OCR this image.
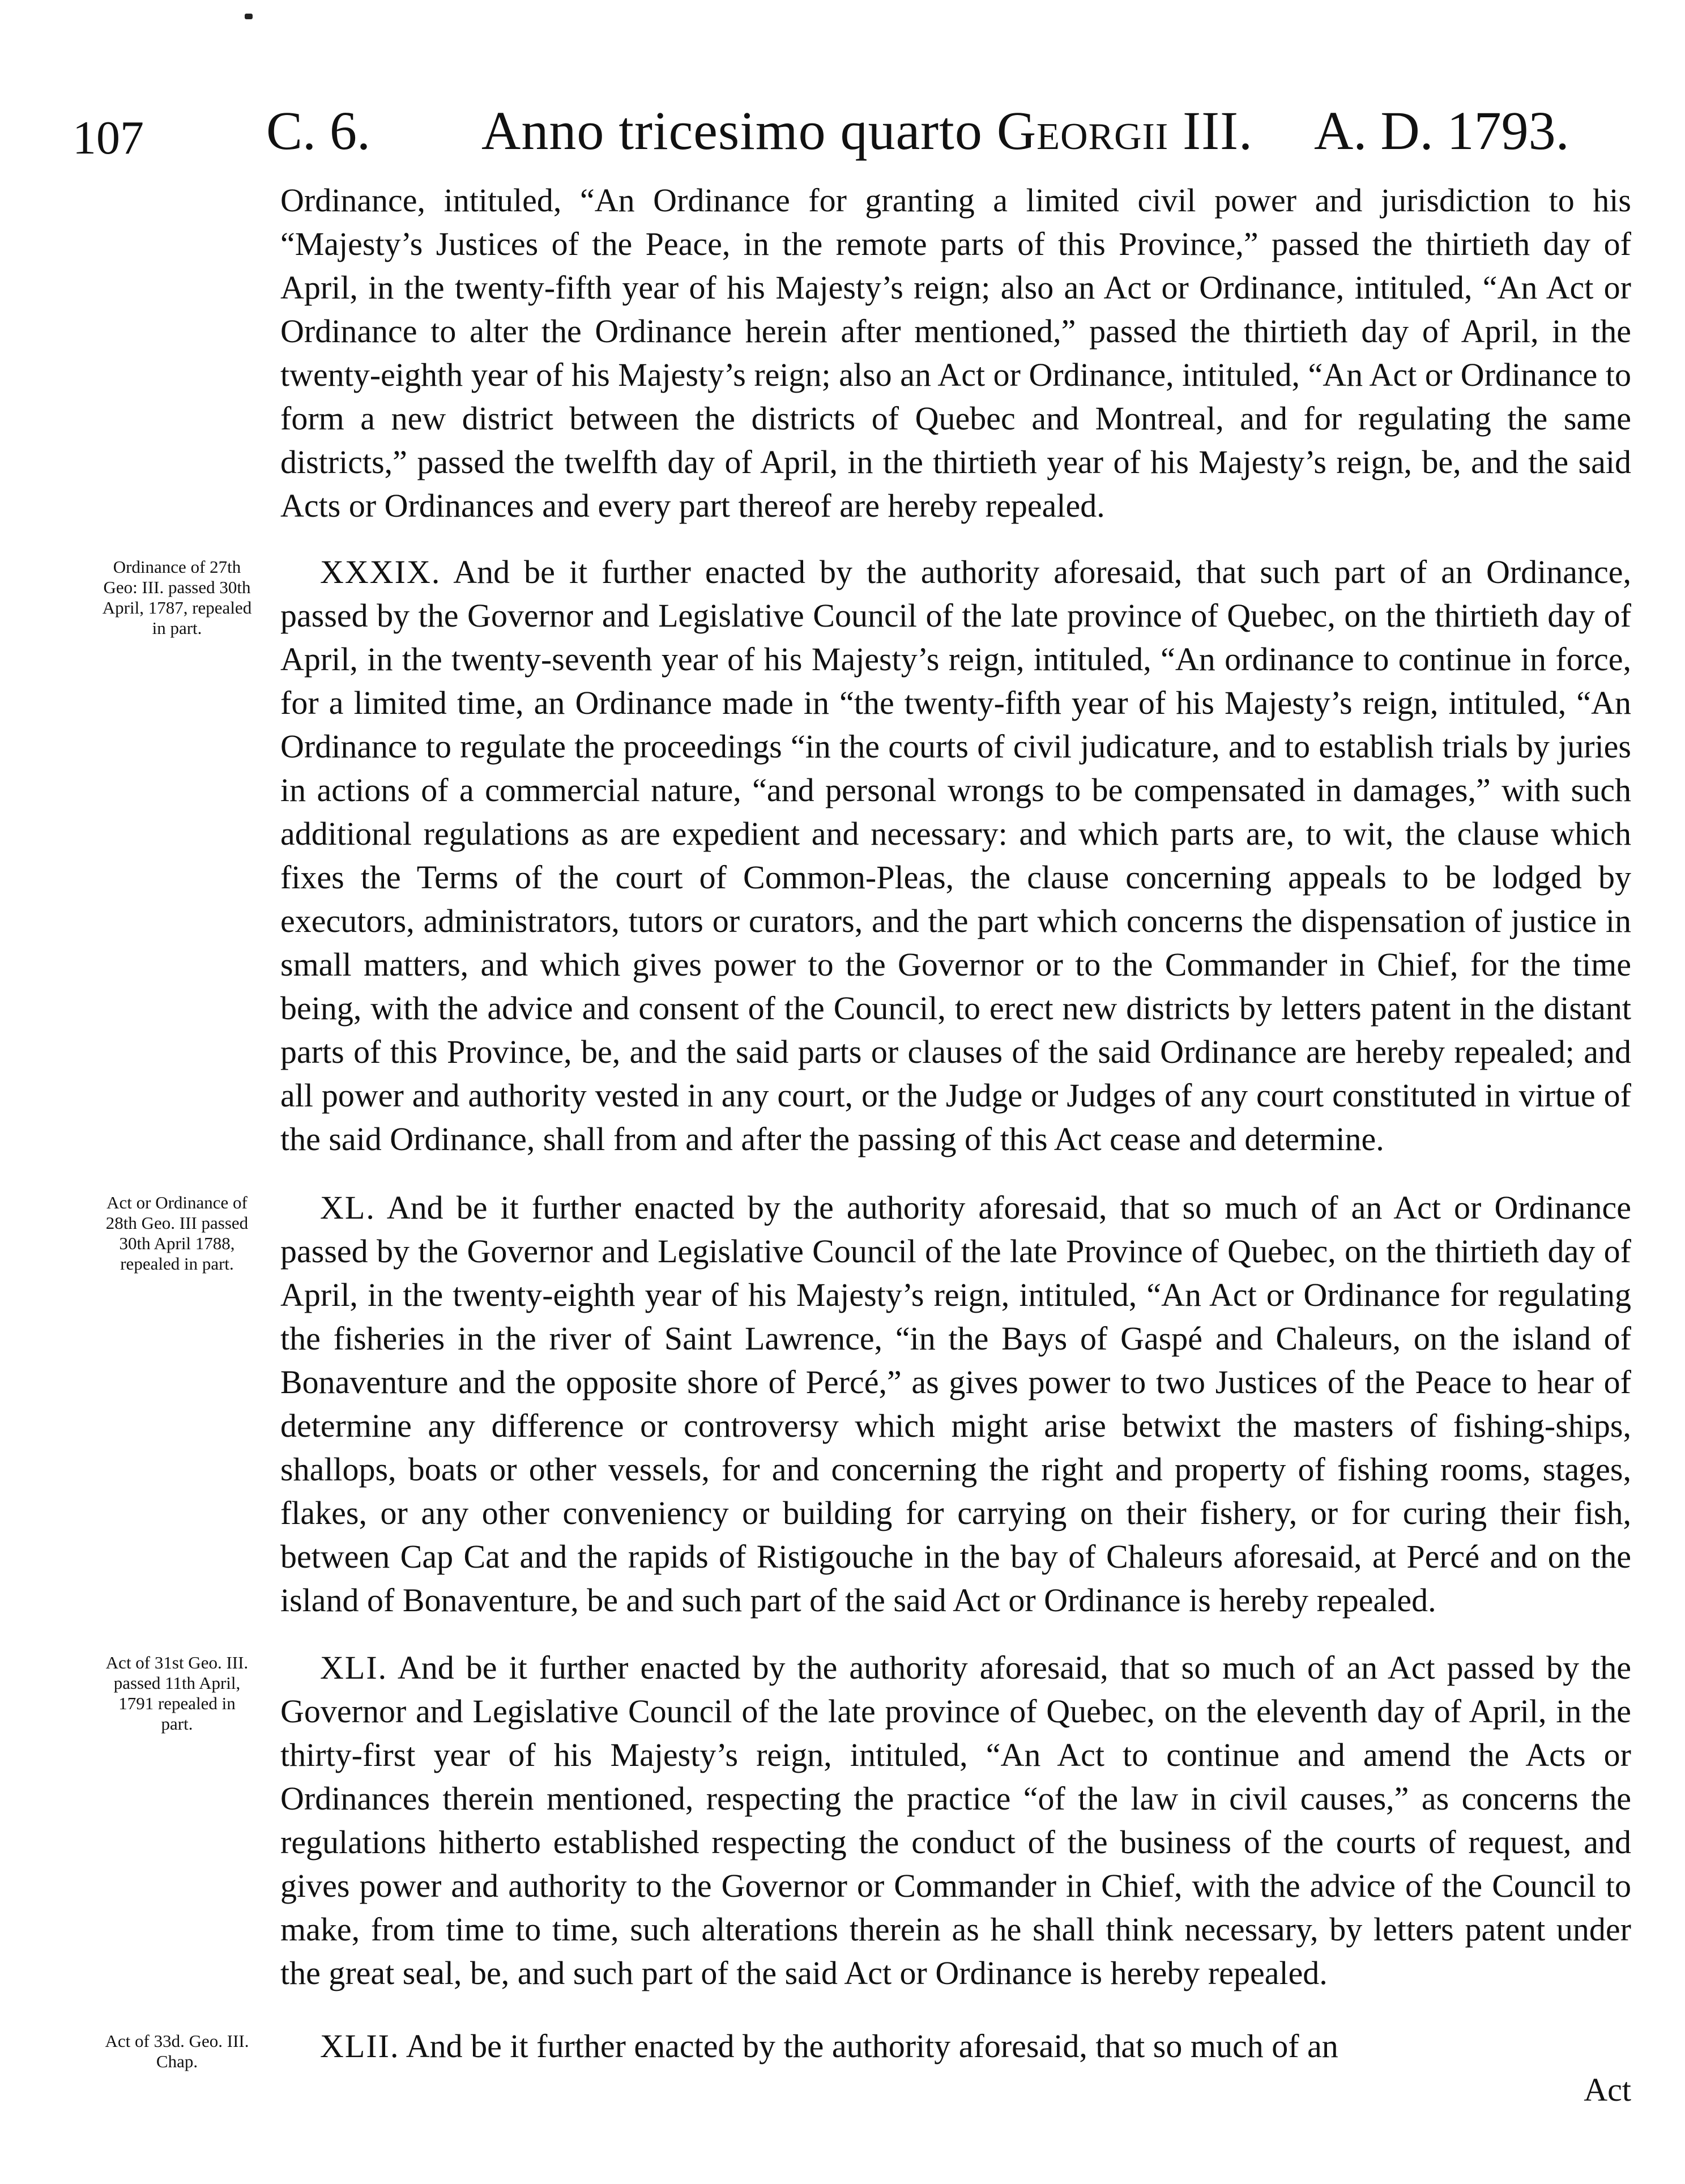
107 C. 6. Anno tricesimo quarto Georgii III. A. D. 1793.

Ordinance, intituled, “An Ordinance for granting a limited civil power and jurisdiction to his “Majesty’s Justices of the Peace, in the remote parts of this Province,” passed the thirtieth day of April, in the twenty-fifth year of his Majesty’s reign; also an Act or Ordinance, intituled, “An Act or Ordinance to alter the Ordinance herein after mentioned,” passed the thirtieth day of April, in the twenty-eighth year of his Majesty’s reign; also an Act or Ordinance, intituled, “An Act or Ordinance to form a new district between the districts of Quebec and Montreal, and for regulating the same districts,” passed the twelfth day of April, in the thirtieth year of his Majesty’s reign, be, and the said Acts or Ordinances and every part thereof are hereby repealed.

Ordinance of 27th Geo: III. passed 30th April, 1787, repealed in part.

XXXIX. And be it further enacted by the authority aforesaid, that such part of an Ordinance, passed by the Governor and Legislative Council of the late province of Quebec, on the thirtieth day of April, in the twenty-seventh year of his Majesty’s reign, intituled, “An ordinance to continue in force, for a limited time, an Ordinance made in “the twenty-fifth year of his Majesty’s reign, intituled, “An Ordinance to regulate the proceedings “in the courts of civil judicature, and to establish trials by juries in actions of a commercial nature, “and personal wrongs to be compensated in damages,” with such additional regulations as are expedient and necessary: and which parts are, to wit, the clause which fixes the Terms of the court of Common-Pleas, the clause concerning appeals to be lodged by executors, administrators, tutors or curators, and the part which concerns the dispensation of justice in small matters, and which gives power to the Governor or to the Commander in Chief, for the time being, with the advice and consent of the Council, to erect new districts by letters patent in the distant parts of this Province, be, and the said parts or clauses of the said Ordinance are hereby repealed; and all power and authority vested in any court, or the Judge or Judges of any court constituted in virtue of the said Ordinance, shall from and after the passing of this Act cease and determine.

Act or Ordinance of 28th Geo. III passed 30th April 1788, repealed in part.

XL. And be it further enacted by the authority aforesaid, that so much of an Act or Ordinance passed by the Governor and Legislative Council of the late Province of Quebec, on the thirtieth day of April, in the twenty-eighth year of his Majesty’s reign, intituled, “An Act or Ordinance for regulating the fisheries in the river of Saint Lawrence, “in the Bays of Gaspé and Chaleurs, on the island of Bonaventure and the opposite shore of Percé,” as gives power to two Justices of the Peace to hear of determine any difference or controversy which might arise betwixt the masters of fishing-ships, shallops, boats or other vessels, for and concerning the right and property of fishing rooms, stages, flakes, or any other conveniency or building for carrying on their fishery, or for curing their fish, between Cap Cat and the rapids of Ristigouche in the bay of Chaleurs aforesaid, at Percé and on the island of Bonaventure, be and such part of the said Act or Ordinance is hereby repealed.

Act of 31st Geo. III. passed 11th April, 1791 repealed in part.

XLI. And be it further enacted by the authority aforesaid, that so much of an Act passed by the Governor and Legislative Council of the late province of Quebec, on the eleventh day of April, in the thirty-first year of his Majesty’s reign, intituled, “An Act to continue and amend the Acts or Ordinances therein mentioned, respecting the practice “of the law in civil causes,” as concerns the regulations hitherto established respecting the conduct of the business of the courts of request, and gives power and authority to the Governor or Commander in Chief, with the advice of the Council to make, from time to time, such alterations therein as he shall think necessary, by letters patent under the great seal, be, and such part of the said Act or Ordinance is hereby repealed.

Act of 33d. Geo. III. Chap.	XLII. And be it further enacted by the authority aforesaid, that so much of an

Act
